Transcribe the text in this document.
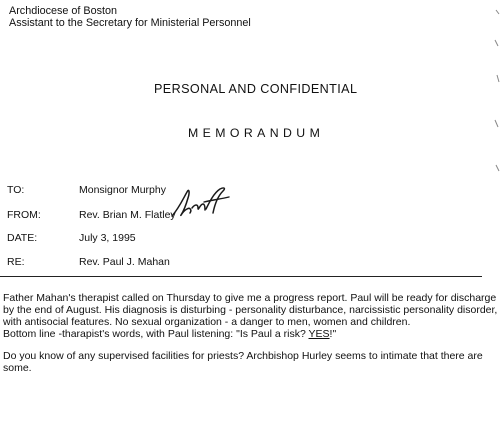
Archdiocese of Boston
Assistant to the Secretary for Ministerial Personnel
PERSONAL AND CONFIDENTIAL
MEMORANDUM
TO:	Monsignor Murphy
FROM:	Rev. Brian M. Flatley
DATE:	July 3, 1995
RE:	Rev. Paul J. Mahan
Father Mahan's therapist called on Thursday to give me a progress report. Paul will be ready for discharge
by the end of August. His diagnosis is disturbing - personality disturbance, narcissistic personality disorder,
with antisocial features. No sexual organization - a danger to men, women and children.
Bottom line -tharapist's words, with Paul listening: "Is Paul a risk? YES!"
Do you know of any supervised facilities for priests? Archbishop Hurley seems to intimate that there are
some.
